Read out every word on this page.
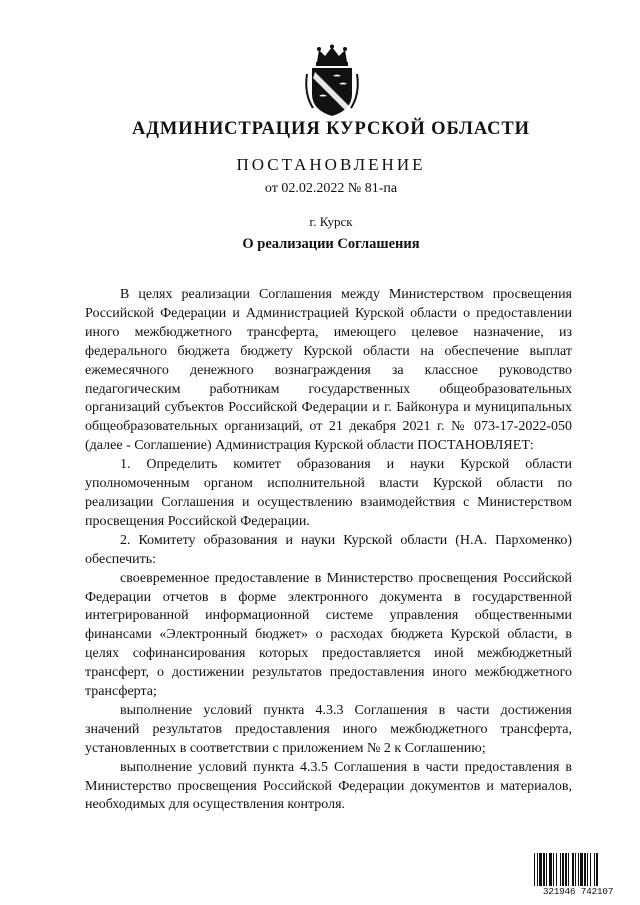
АДМИНИСТРАЦИЯ КУРСКОЙ ОБЛАСТИ
ПОСТАНОВЛЕНИЕ
от 02.02.2022 № 81-па
г. Курск
О реализации Соглашения

В целях реализации Соглашения между Министерством просвещения Российской Федерации и Администрацией Курской области о предоставлении иного межбюджетного трансферта, имеющего целевое назначение, из федерального бюджета бюджету Курской области на обеспечение выплат ежемесячного денежного вознаграждения за классное руководство педагогическим работникам государственных общеобразовательных организаций субъектов Российской Федерации и г. Байконура и муниципальных общеобразовательных организаций, от 21 декабря 2021 г. № 073-17-2022-050 (далее - Соглашение) Администрация Курской области ПОСТАНОВЛЯЕТ:

1. Определить комитет образования и науки Курской области уполномоченным органом исполнительной власти Курской области по реализации Соглашения и осуществлению взаимодействия с Министерством просвещения Российской Федерации.

2. Комитету образования и науки Курской области (Н.А. Пархоменко) обеспечить:

своевременное предоставление в Министерство просвещения Российской Федерации отчетов в форме электронного документа в государственной интегрированной информационной системе управления общественными финансами «Электронный бюджет» о расходах бюджета Курской области, в целях софинансирования которых предоставляется иной межбюджетный трансферт, о достижении результатов предоставления иного межбюджетного трансферта;

выполнение условий пункта 4.3.3 Соглашения в части достижения значений результатов предоставления иного межбюджетного трансферта, установленных в соответствии с приложением № 2 к Соглашению;

выполнение условий пункта 4.3.5 Соглашения в части предоставления в Министерство просвещения Российской Федерации документов и материалов, необходимых для осуществления контроля.

321946 742107
